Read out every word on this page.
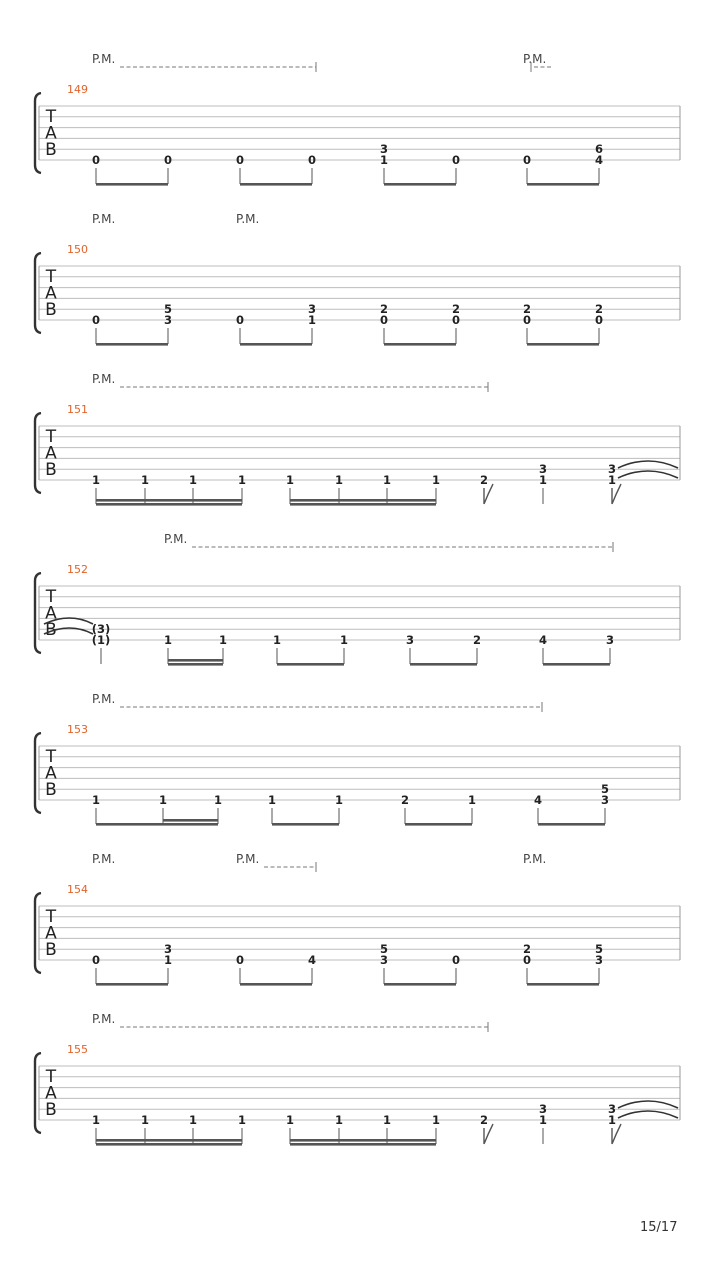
T
A
B
149
P.M.	P.M.
0	0	0	0	1
3
0	0	4
6
T
A
B
150
P.M.	P.M.
0	3
5
0	1
3
0
2
0
2
0
2
0
2
T
A
B
151
P.M.
1	1	1	1	1	1	1	1	2	1
3
1
3
T
A
B
152
P.M.
(1)
(3)
1	1	1	1	3	2	4	3
T
A
B
153
P.M.
1	1	1	1	1	2	1	4	3
5
T
A
B
154
P.M.	P.M.	P.M.
0	1
3
0	4	3
5
0	0
2
3
5
T
A
B
155
P.M.
1	1	1	1	1	1	1	1	2	1
3
1
3
15/17
